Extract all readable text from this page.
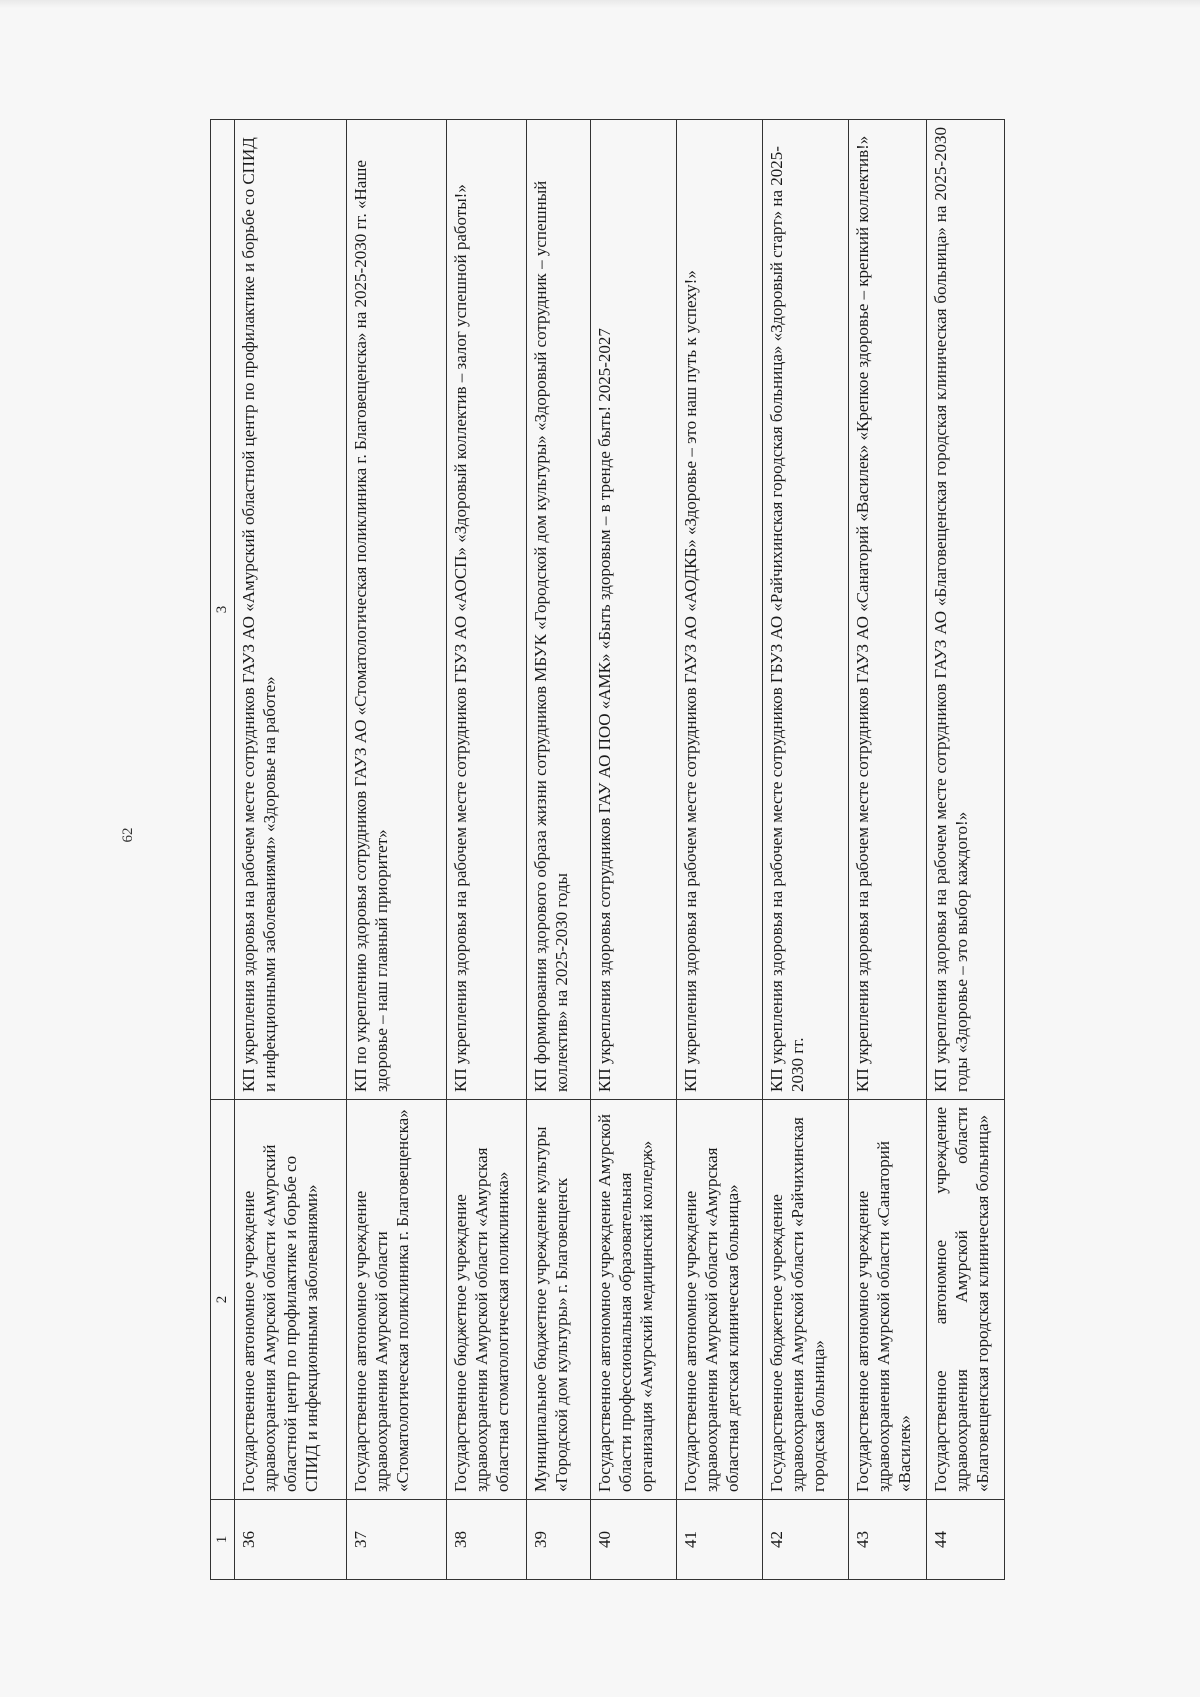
62
1	2	3
36	Государственное автономное учреждение здравоохранения Амурской области «Амурский областной центр по профилактике и борьбе со СПИД и инфекционными заболеваниями»	КП укрепления здоровья на рабочем месте сотрудников ГАУЗ АО «Амурский областной центр по профилактике и борьбе со СПИД и инфекционными заболеваниями» «Здоровье на работе»
37	Государственное автономное учреждение здравоохранения Амурской области «Стоматологическая поликлиника г. Благовещенска»	КП по укреплению здоровья сотрудников ГАУЗ АО «Стоматологическая поликлиника г. Благовещенска» на 2025-2030 гг. «Наше здоровье – наш главный приоритет»
38	Государственное бюджетное учреждение здравоохранения Амурской области «Амурская областная стоматологическая поликлиника»	КП укрепления здоровья на рабочем месте сотрудников ГБУЗ АО «АОСП» «Здоровый коллектив – залог успешной работы!»
39	Муниципальное бюджетное учреждение культуры «Городской дом культуры» г. Благовещенск	КП формирования здорового образа жизни сотрудников МБУК «Городской дом культуры» «Здоровый сотрудник – успешный коллектив» на 2025-2030 годы
40	Государственное автономное учреждение Амурской области профессиональная образовательная организация «Амурский медицинский колледж»	КП укрепления здоровья сотрудников ГАУ АО ПОО «АМК» «Быть здоровым – в тренде быть! 2025-2027
41	Государственное автономное учреждение здравоохранения Амурской области «Амурская областная детская клиническая больница»	КП укрепления здоровья на рабочем месте сотрудников ГАУЗ АО «АОДКБ» «Здоровье – это наш путь к успеху!»
42	Государственное бюджетное учреждение здравоохранения Амурской области «Райчихинская городская больница»	КП укрепления здоровья на рабочем месте сотрудников ГБУЗ АО «Райчихинская городская больница» «Здоровый старт» на 2025-2030 гг.
43	Государственное автономное учреждение здравоохранения Амурской области «Санаторий «Василек»	КП укрепления здоровья на рабочем месте сотрудников ГАУЗ АО «Санаторий «Василек» «Крепкое здоровье – крепкий коллектив!»
44	Государственное автономное учреждение здравоохранения Амурской области «Благовещенская городская клиническая больница»	КП укрепления здоровья на рабочем месте сотрудников ГАУЗ АО «Благовещенская городская клиническая больница» на 2025-2030 годы «Здоровье – это выбор каждого!»
